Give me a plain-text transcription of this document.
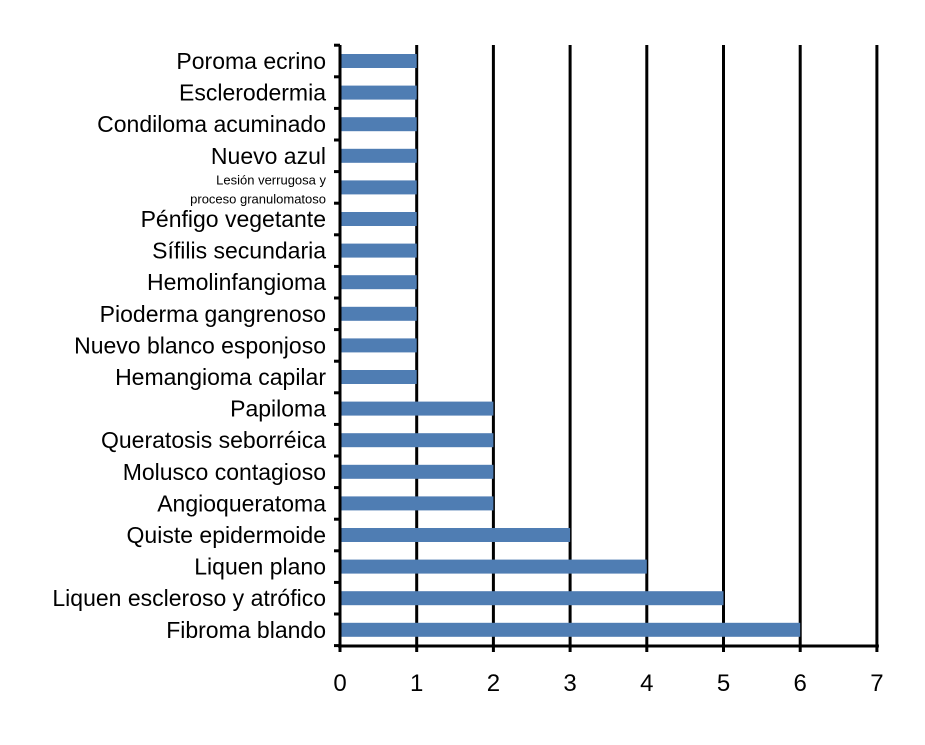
Poroma ecrino
Esclerodermia
Condiloma acuminado
Nuevo azul
Lesión verrugosa y proceso granulomatoso
Pénfigo vegetante
Sífilis secundaria
Hemolinfangioma
Pioderma gangrenoso
Nuevo blanco esponjoso
Hemangioma capilar
Papiloma
Queratosis seborréica
Molusco contagioso
Angioqueratoma
Quiste epidermoide
Liquen plano
Liquen escleroso y atrófico
Fibroma blando
0	1	2	3	4	5	6	7
